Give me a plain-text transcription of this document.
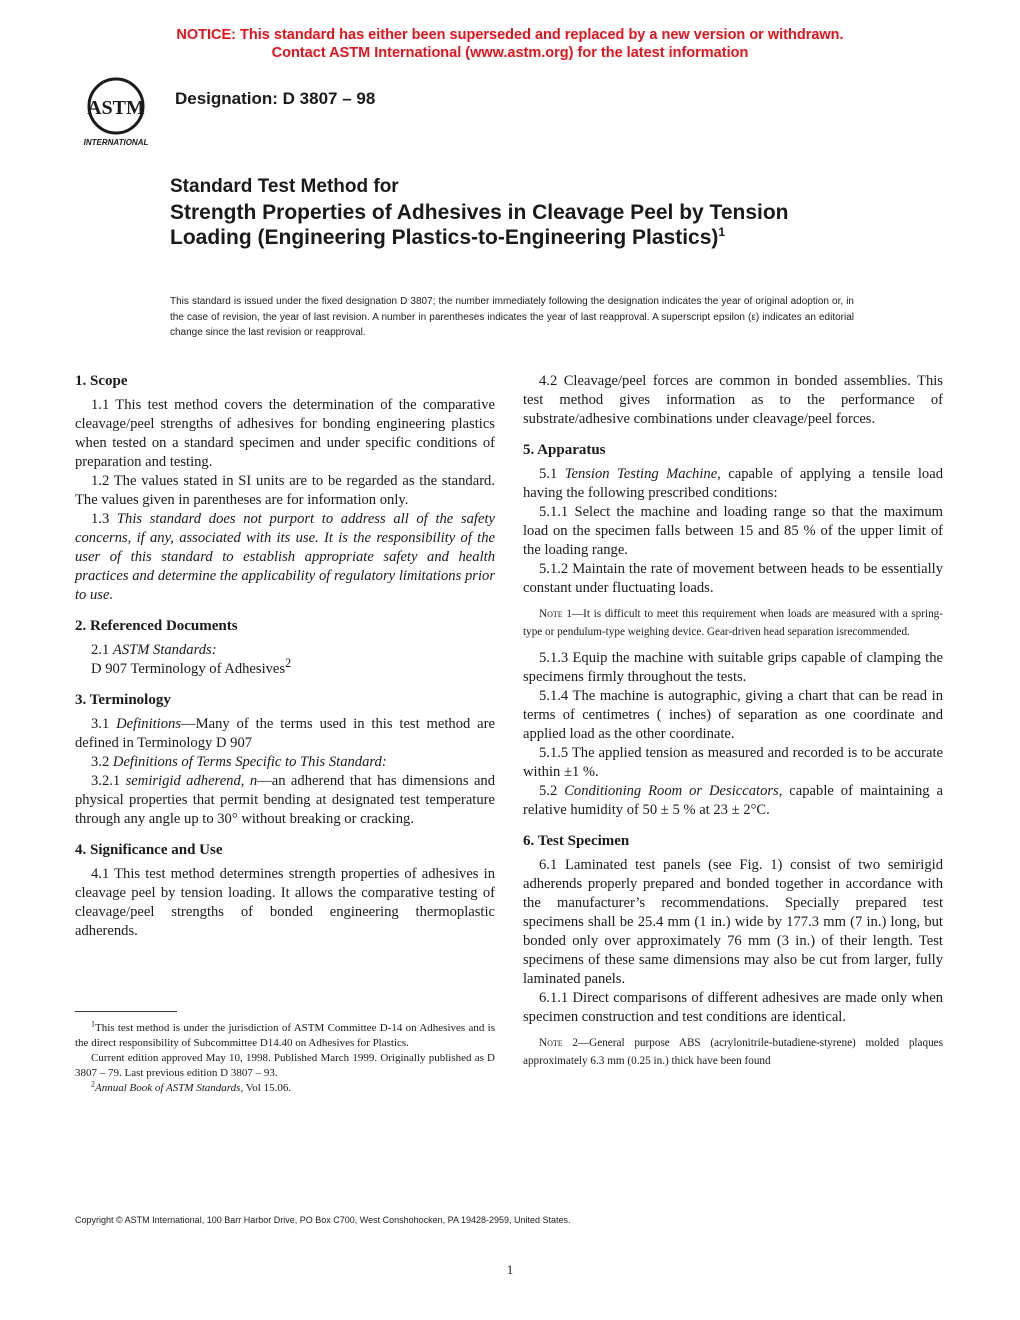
NOTICE: This standard has either been superseded and replaced by a new version or withdrawn.
Contact ASTM International (www.astm.org) for the latest information
ASTM
INTERNATIONAL
Designation: D 3807 – 98
Standard Test Method for
Strength Properties of Adhesives in Cleavage Peel by Tension Loading (Engineering Plastics-to-Engineering Plastics)$^1$
This standard is issued under the fixed designation D 3807; the number immediately following the designation indicates the year of original adoption or, in the case of revision, the year of last revision. A number in parentheses indicates the year of last reapproval. A superscript epsilon (ε) indicates an editorial change since the last revision or reapproval.
1. Scope

1.1 This test method covers the determination of the comparative cleavage/peel strengths of adhesives for bonding engineering plastics when tested on a standard specimen and under specific conditions of preparation and testing.

1.2 The values stated in SI units are to be regarded as the standard. The values given in parentheses are for information only.

1.3 This standard does not purport to address all of the safety concerns, if any, associated with its use. It is the responsibility of the user of this standard to establish appropriate safety and health practices and determine the applicability of regulatory limitations prior to use.

2. Referenced Documents

2.1 ASTM Standards:

D 907 Terminology of Adhesives$^2$

3. Terminology

3.1 Definitions—Many of the terms used in this test method are defined in Terminology D 907

3.2 Definitions of Terms Specific to This Standard:

3.2.1 semirigid adherend, n—an adherend that has dimensions and physical properties that permit bending at designated test temperature through any angle up to 30° without breaking or cracking.

4. Significance and Use

4.1 This test method determines strength properties of adhesives in cleavage peel by tension loading. It allows the comparative testing of cleavage/peel strengths of bonded engineering thermoplastic adherends.

$^1$This test method is under the jurisdiction of ASTM Committee D-14 on Adhesives and is the direct responsibility of Subcommittee D14.40 on Adhesives for Plastics.

Current edition approved May 10, 1998. Published March 1999. Originally published as D 3807 – 79. Last previous edition D 3807 – 93.

$^2$Annual Book of ASTM Standards, Vol 15.06.

4.2 Cleavage/peel forces are common in bonded assemblies. This test method gives information as to the performance of substrate/adhesive combinations under cleavage/peel forces.

5. Apparatus

5.1 Tension Testing Machine, capable of applying a tensile load having the following prescribed conditions:

5.1.1 Select the machine and loading range so that the maximum load on the specimen falls between 15 and 85 % of the upper limit of the loading range.

5.1.2 Maintain the rate of movement between heads to be essentially constant under fluctuating loads.

Note 1—It is difficult to meet this requirement when loads are measured with a spring-type or pendulum-type weighing device. Gear-driven head separation isrecommended.

5.1.3 Equip the machine with suitable grips capable of clamping the specimens firmly throughout the tests.

5.1.4 The machine is autographic, giving a chart that can be read in terms of centimetres ( inches) of separation as one coordinate and applied load as the other coordinate.

5.1.5 The applied tension as measured and recorded is to be accurate within ±1 %.

5.2 Conditioning Room or Desiccators, capable of maintaining a relative humidity of 50 ± 5 % at 23 ± 2°C.

6. Test Specimen

6.1 Laminated test panels (see Fig. 1) consist of two semirigid adherends properly prepared and bonded together in accordance with the manufacturer’s recommendations. Specially prepared test specimens shall be 25.4 mm (1 in.) wide by 177.3 mm (7 in.) long, but bonded only over approximately 76 mm (3 in.) of their length. Test specimens of these same dimensions may also be cut from larger, fully laminated panels.

6.1.1 Direct comparisons of different adhesives are made only when specimen construction and test conditions are identical.

Note 2—General purpose ABS (acrylonitrile-butadiene-styrene) molded plaques approximately 6.3 mm (0.25 in.) thick have been found
Copyright © ASTM International, 100 Barr Harbor Drive, PO Box C700, West Conshohocken, PA 19428-2959, United States.
1
